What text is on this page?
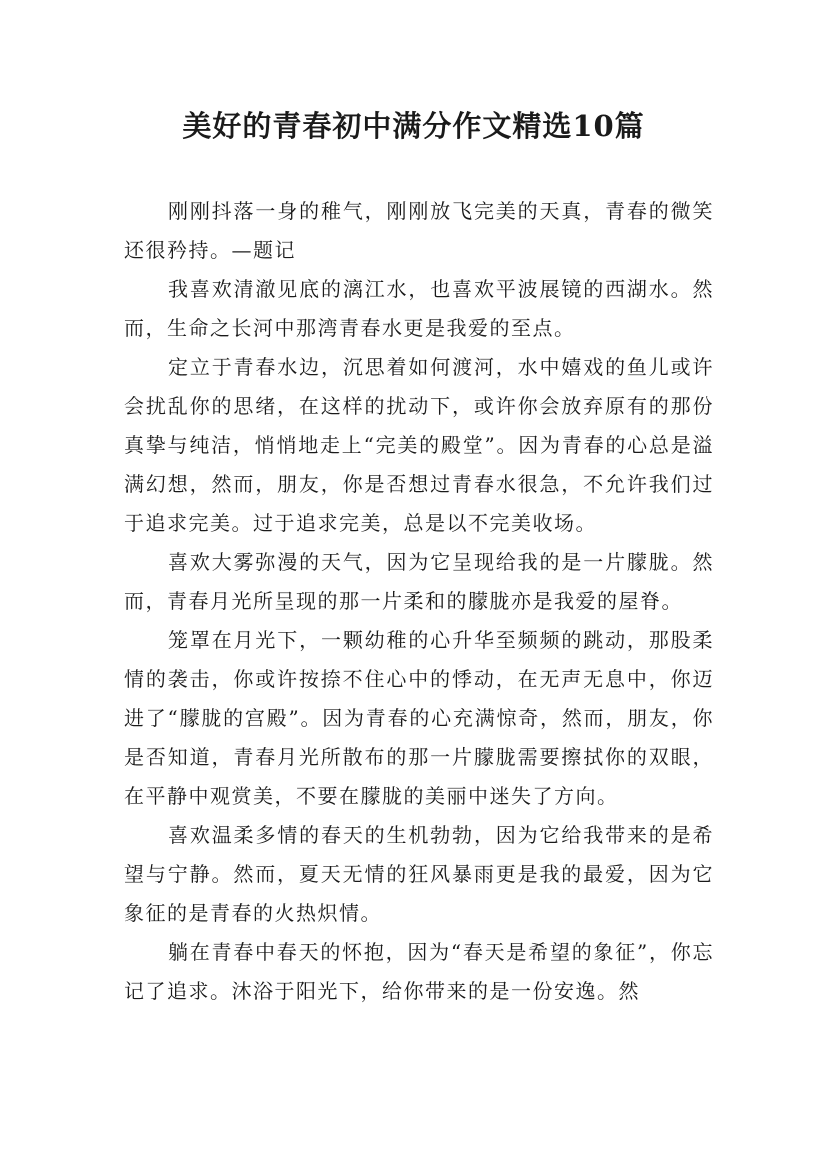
美好的青春初中满分作文精选10篇

刚刚抖落一身的稚气，刚刚放飞完美的天真，青春的微笑还很矜持。—题记

我喜欢清澈见底的漓江水，也喜欢平波展镜的西湖水。然而，生命之长河中那湾青春水更是我爱的至点。

定立于青春水边，沉思着如何渡河，水中嬉戏的鱼儿或许会扰乱你的思绪，在这样的扰动下，或许你会放弃原有的那份真挚与纯洁，悄悄地走上“完美的殿堂”。因为青春的心总是溢满幻想，然而，朋友，你是否想过青春水很急，不允许我们过于追求完美。过于追求完美，总是以不完美收场。

喜欢大雾弥漫的天气，因为它呈现给我的是一片朦胧。然而，青春月光所呈现的那一片柔和的朦胧亦是我爱的屋脊。

笼罩在月光下，一颗幼稚的心升华至频频的跳动，那股柔情的袭击，你或许按捺不住心中的悸动，在无声无息中，你迈进了“朦胧的宫殿”。因为青春的心充满惊奇，然而，朋友，你是否知道，青春月光所散布的那一片朦胧需要擦拭你的双眼，在平静中观赏美，不要在朦胧的美丽中迷失了方向。

喜欢温柔多情的春天的生机勃勃，因为它给我带来的是希望与宁静。然而，夏天无情的狂风暴雨更是我的最爱，因为它象征的是青春的火热炽情。

躺在青春中春天的怀抱，因为“春天是希望的象征”，你忘记了追求。沐浴于阳光下，给你带来的是一份安逸。然
